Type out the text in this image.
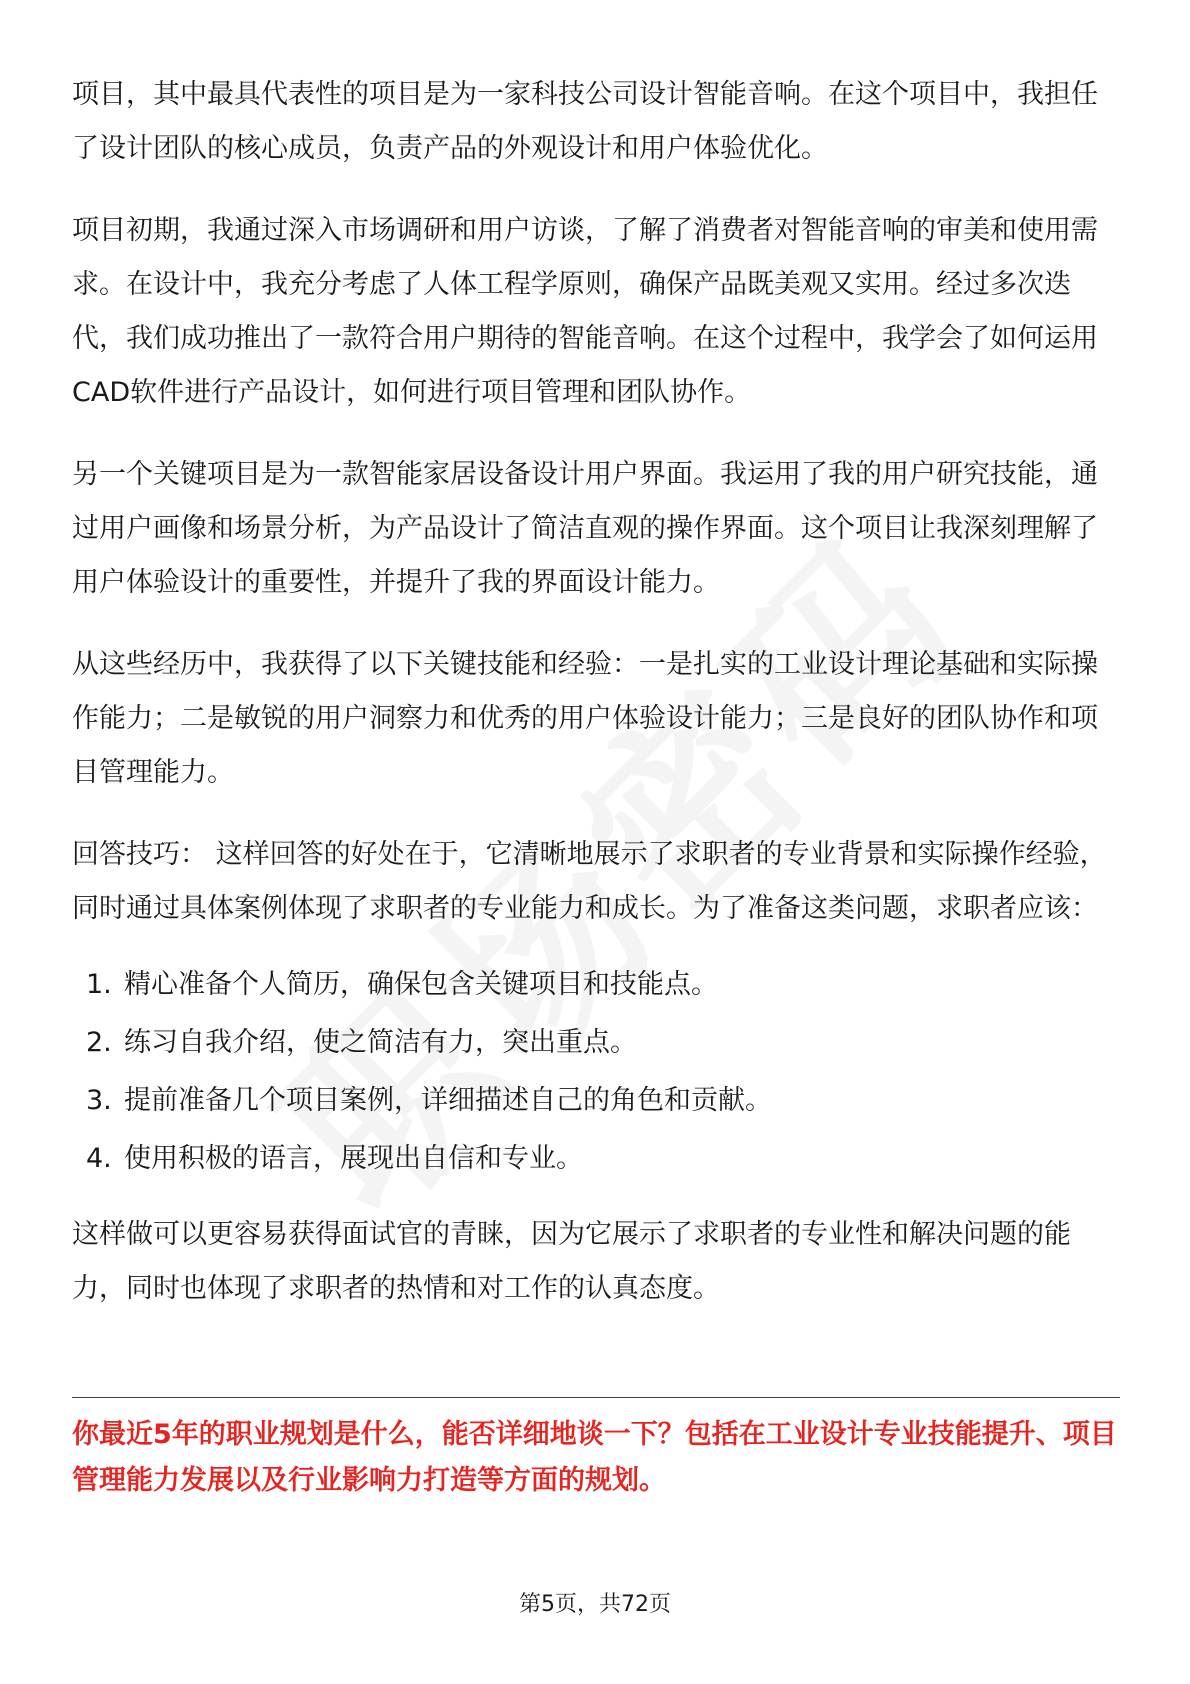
项目，其中最具代表性的项目是为一家科技公司设计智能音响。在这个项目中，我担任了设计团队的核心成员，负责产品的外观设计和用户体验优化。

项目初期，我通过深入市场调研和用户访谈，了解了消费者对智能音响的审美和使用需求。在设计中，我充分考虑了人体工程学原则，确保产品既美观又实用。经过多次迭代，我们成功推出了一款符合用户期待的智能音响。在这个过程中，我学会了如何运用CAD软件进行产品设计，如何进行项目管理和团队协作。

另一个关键项目是为一款智能家居设备设计用户界面。我运用了我的用户研究技能，通过用户画像和场景分析，为产品设计了简洁直观的操作界面。这个项目让我深刻理解了用户体验设计的重要性，并提升了我的界面设计能力。

从这些经历中，我获得了以下关键技能和经验：一是扎实的工业设计理论基础和实际操作能力；二是敏锐的用户洞察力和优秀的用户体验设计能力；三是良好的团队协作和项目管理能力。

回答技巧： 这样回答的好处在于，它清晰地展示了求职者的专业背景和实际操作经验，同时通过具体案例体现了求职者的专业能力和成长。为了准备这类问题，求职者应该：

1. 精心准备个人简历，确保包含关键项目和技能点。
2. 练习自我介绍，使之简洁有力，突出重点。
3. 提前准备几个项目案例，详细描述自己的角色和贡献。
4. 使用积极的语言，展现出自信和专业。

这样做可以更容易获得面试官的青睐，因为它展示了求职者的专业性和解决问题的能力，同时也体现了求职者的热情和对工作的认真态度。

你最近5年的职业规划是什么，能否详细地谈一下？包括在工业设计专业技能提升、项目管理能力发展以及行业影响力打造等方面的规划。

第5页，共72页
